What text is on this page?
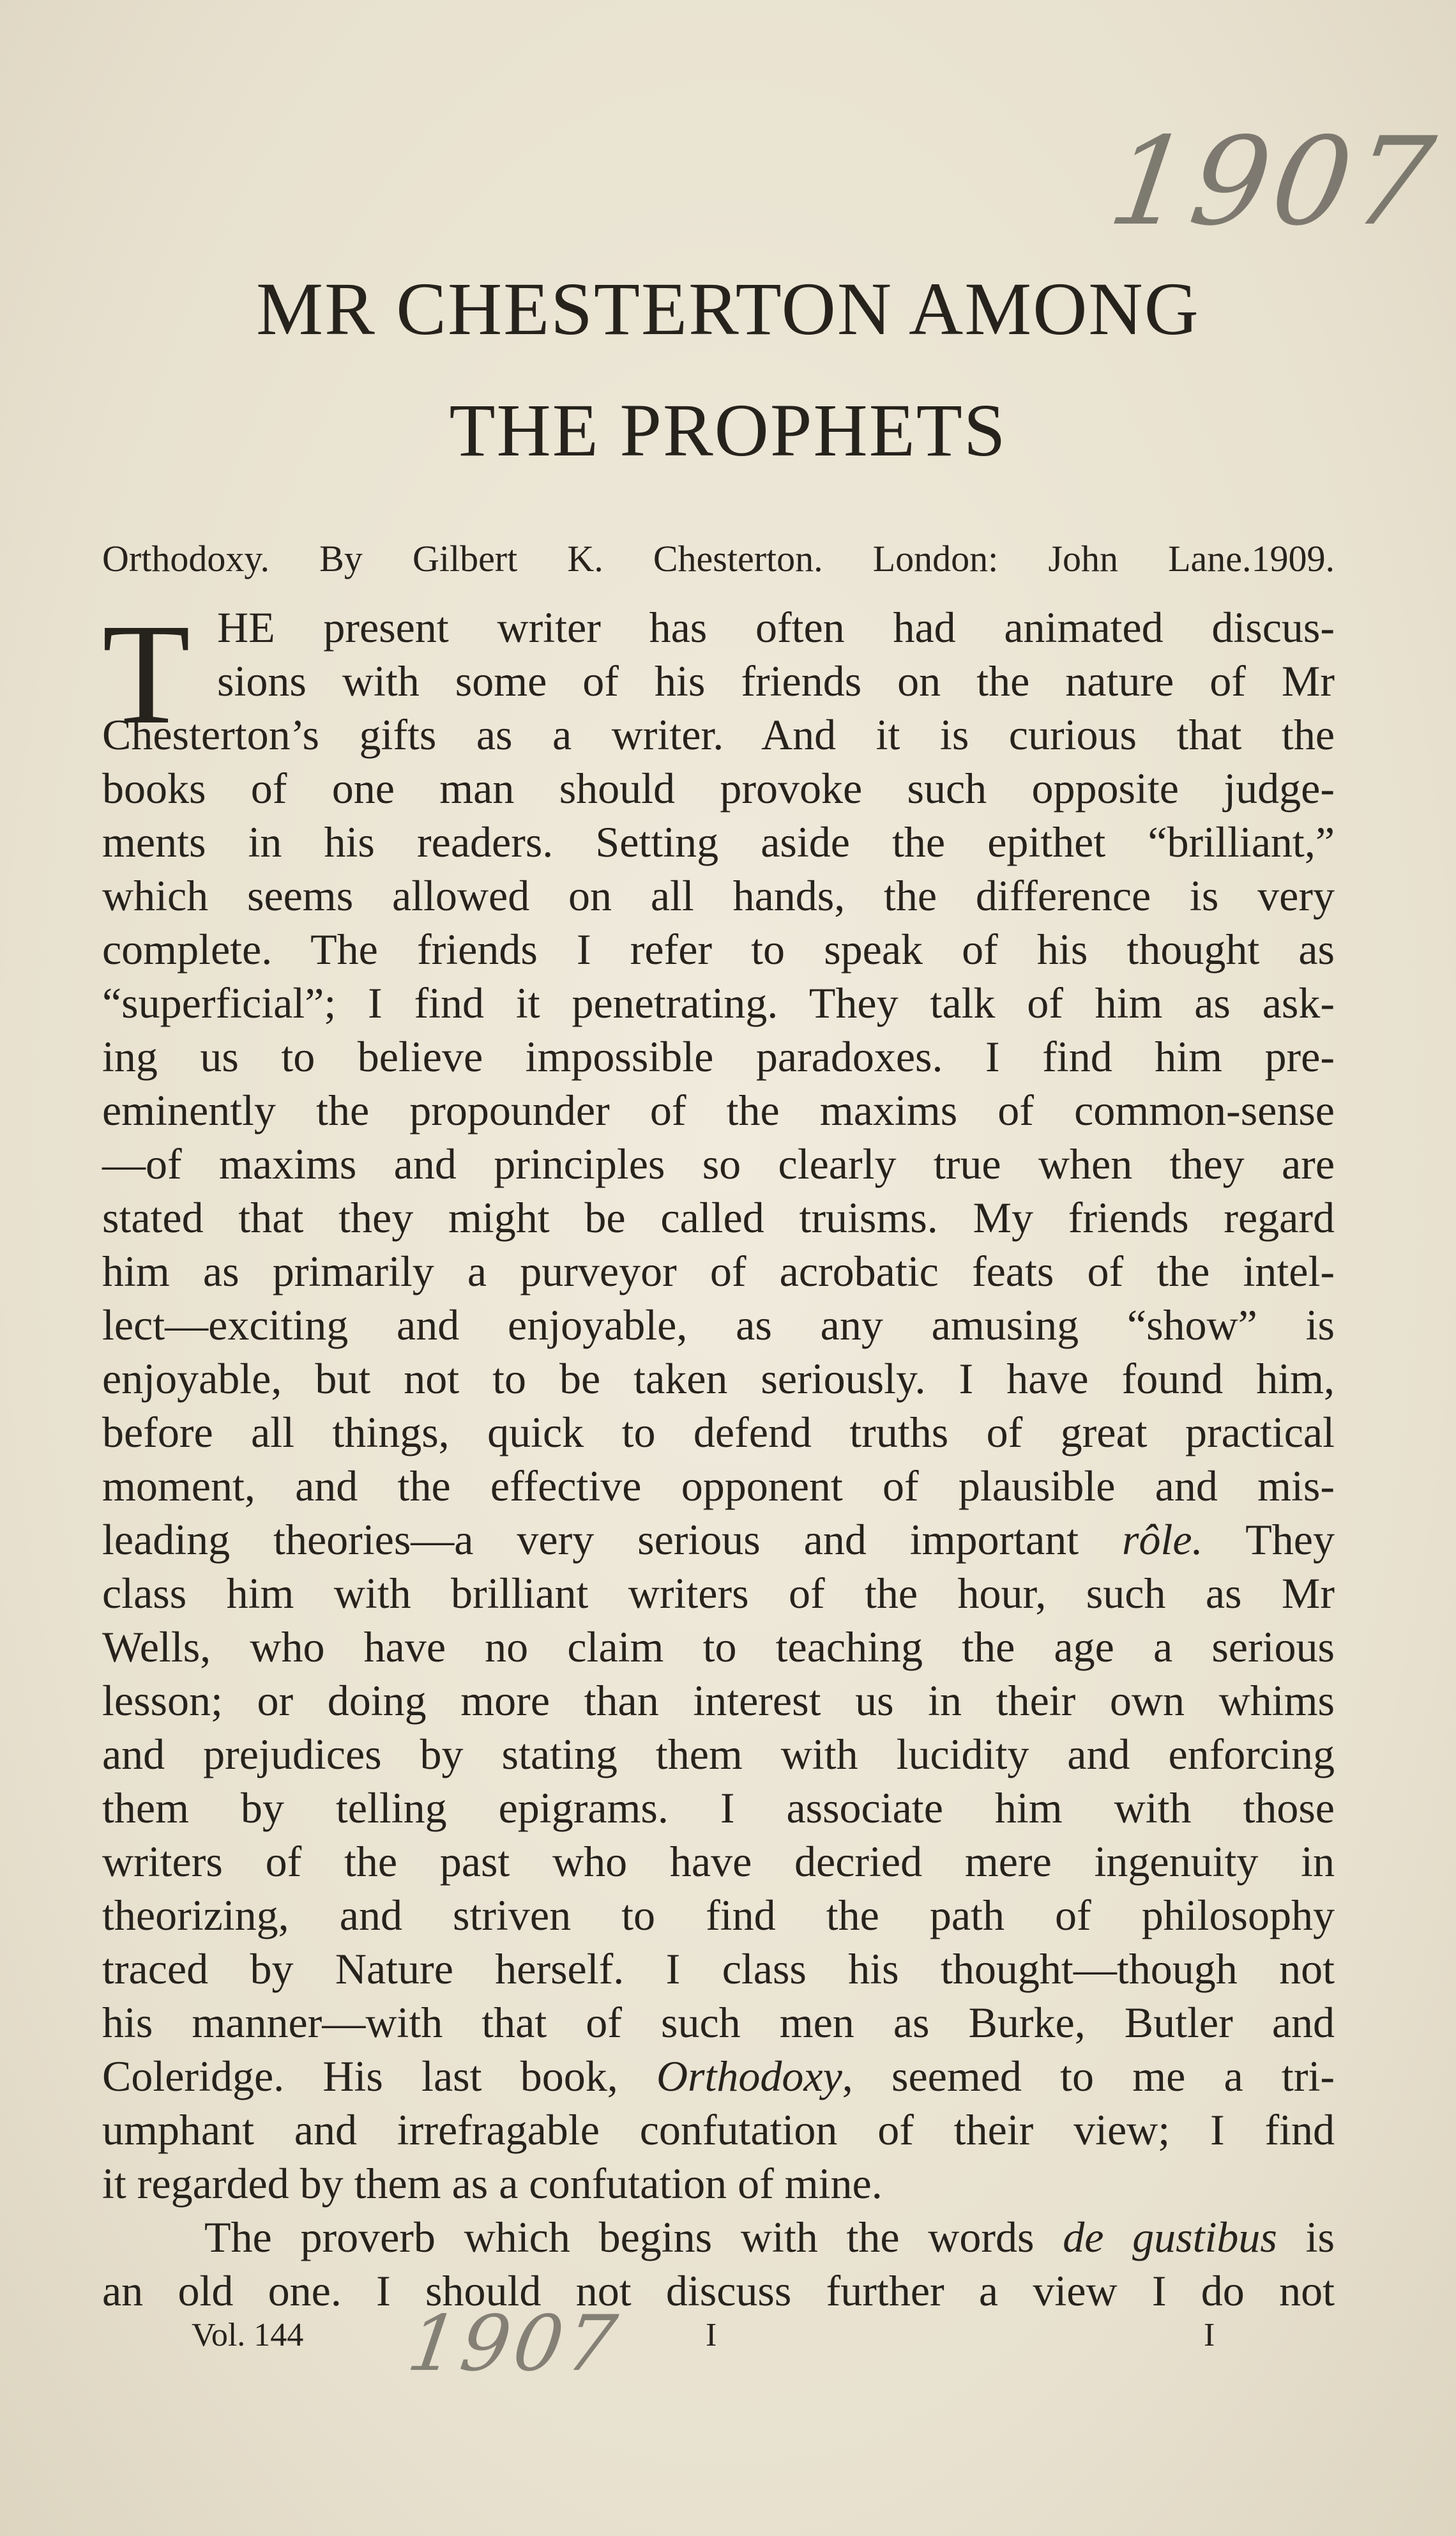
1907
MR CHESTERTON AMONG
THE PROPHETS

Orthodoxy. By Gilbert K. Chesterton. London: John Lane.1909.

T HE present writer has often had animated discus-
sions with some of his friends on the nature of Mr
Chesterton’s gifts as a writer. And it is curious that the
books of one man should provoke such opposite judge-
ments in his readers. Setting aside the epithet “brilliant,”
which seems allowed on all hands, the difference is very
complete. The friends I refer to speak of his thought as
“superficial”; I find it penetrating. They talk of him as ask-
ing us to believe impossible paradoxes. I find him pre-
eminently the propounder of the maxims of common-sense
—of maxims and principles so clearly true when they are
stated that they might be called truisms. My friends regard
him as primarily a purveyor of acrobatic feats of the intel-
lect—exciting and enjoyable, as any amusing “show” is
enjoyable, but not to be taken seriously. I have found him,
before all things, quick to defend truths of great practical
moment, and the effective opponent of plausible and mis-
leading theories—a very serious and important rôle. They
class him with brilliant writers of the hour, such as Mr
Wells, who have no claim to teaching the age a serious
lesson; or doing more than interest us in their own whims
and prejudices by stating them with lucidity and enforcing
them by telling epigrams. I associate him with those
writers of the past who have decried mere ingenuity in
theorizing, and striven to find the path of philosophy
traced by Nature herself. I class his thought—though not
his manner—with that of such men as Burke, Butler and
Coleridge. His last book, Orthodoxy, seemed to me a tri-
umphant and irrefragable confutation of their view; I find
it regarded by them as a confutation of mine.
The proverb which begins with the words de gustibus is
an old one. I should not discuss further a view I do not
Vol. 144 1907 I	I
